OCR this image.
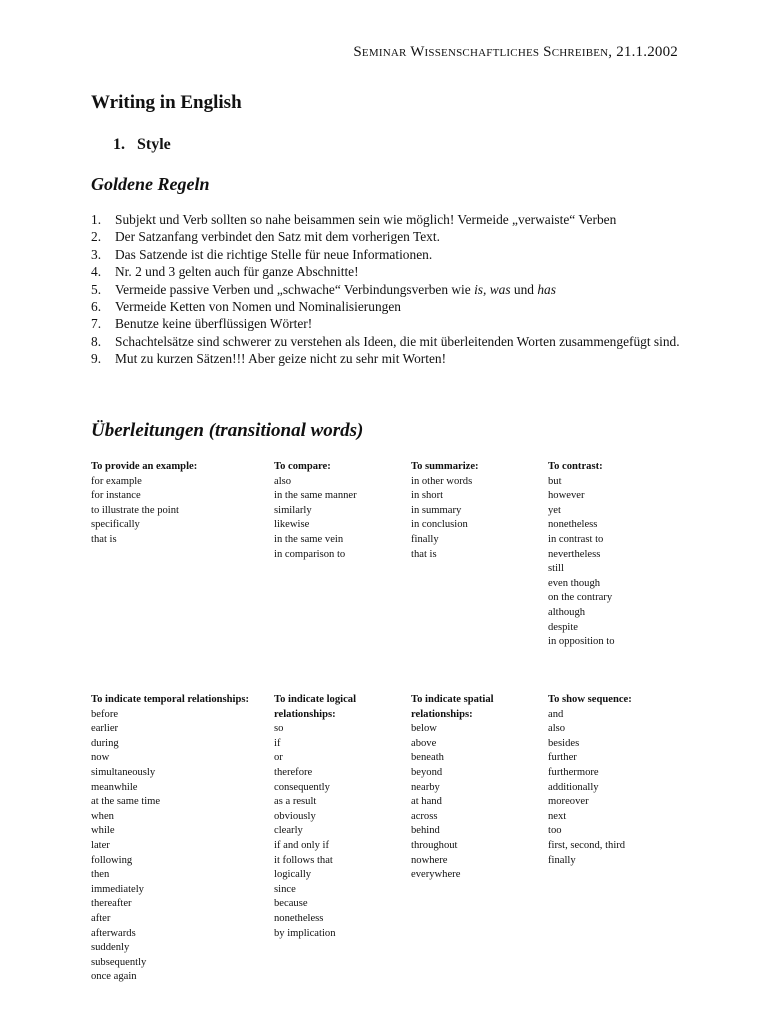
Seminar Wissenschaftliches Schreiben, 21.1.2002
Writing in English
1. Style
Goldene Regeln
1.	Subjekt und Verb sollten so nahe beisammen sein wie möglich! Vermeide „verwaiste“ Verben
2.	Der Satzanfang verbindet den Satz mit dem vorherigen Text.
3.	Das Satzende ist die richtige Stelle für neue Informationen.
4.	Nr. 2 und 3 gelten auch für ganze Abschnitte!
5.	Vermeide passive Verben und „schwache“ Verbindungsverben wie is, was und has
6.	Vermeide Ketten von Nomen und Nominalisierungen
7.	Benutze keine überflüssigen Wörter!
8.	Schachtelsätze sind schwerer zu verstehen als Ideen, die mit überleitenden Worten zusammengefügt sind.
9.	Mut zu kurzen Sätzen!!! Aber geize nicht zu sehr mit Worten!
Überleitungen (transitional words)
To provide an example:
for example
for instance
to illustrate the point
specifically
that is
To compare:
also
in the same manner
similarly
likewise
in the same vein
in comparison to
To summarize:
in other words
in short
in summary
in conclusion
finally
that is
To contrast:
but
however
yet
nonetheless
in contrast to
nevertheless
still
even though
on the contrary
although
despite
in opposition to
To indicate temporal relationships:
before
earlier
during
now
simultaneously
meanwhile
at the same time
when
while
later
following
then
immediately
thereafter
after
afterwards
suddenly
subsequently
once again
To indicate logical relationships:
so
if
or
therefore
consequently
as a result
obviously
clearly
if and only if
it follows that
logically
since
because
nonetheless
by implication
To indicate spatial relationships:
below
above
beneath
beyond
nearby
at hand
across
behind
throughout
nowhere
everywhere
To show sequence:
and
also
besides
further
furthermore
additionally
moreover
next
too
first, second, third
finally
